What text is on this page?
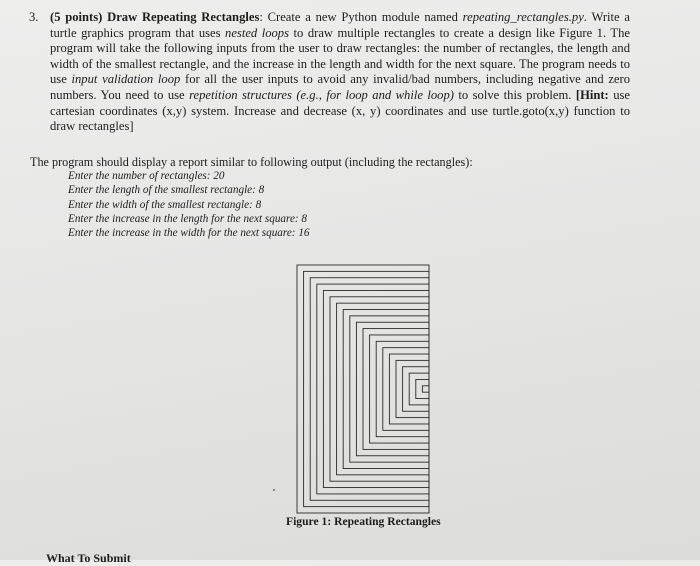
3. (5 points) Draw Repeating Rectangles: Create a new Python module named repeating_rectangles.py. Write a turtle graphics program that uses nested loops to draw multiple rectangles to create a design like Figure 1. The program will take the following inputs from the user to draw rectangles: the number of rectangles, the length and width of the smallest rectangle, and the increase in the length and width for the next square. The program needs to use input validation loop for all the user inputs to avoid any invalid/bad numbers, including negative and zero numbers. You need to use repetition structures (e.g., for loop and while loop) to solve this problem. [Hint: use cartesian coordinates (x,y) system. Increase and decrease (x, y) coordinates and use turtle.goto(x,y) function to draw rectangles]

The program should display a report similar to following output (including the rectangles):
Enter the number of rectangles: 20
Enter the length of the smallest rectangle: 8
Enter the width of the smallest rectangle: 8
Enter the increase in the length for the next square: 8
Enter the increase in the width for the next square: 16
Figure 1: Repeating Rectangles
What To Submit
